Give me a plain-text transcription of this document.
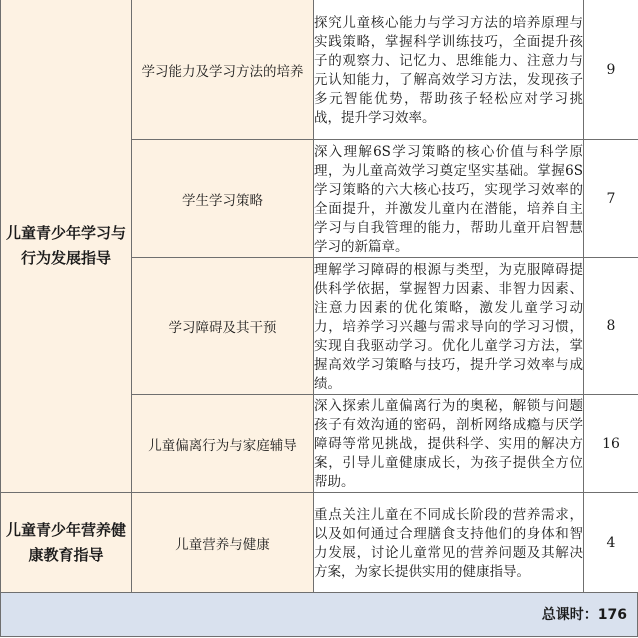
儿童青少年学习与行为发展指导	学习能力及学习方法的培养	探究儿童核心能力与学习方法的培养原理与实践策略，掌握科学训练技巧，全面提升孩子的观察力、记忆力、思维能力、注意力与元认知能力，了解高效学习方法，发现孩子多元智能优势，帮助孩子轻松应对学习挑战，提升学习效率。	9
	学生学习策略	深入理解6S学习策略的核心价值与科学原理，为儿童高效学习奠定坚实基础。掌握6S学习策略的六大核心技巧，实现学习效率的全面提升，并激发儿童内在潜能，培养自主学习与自我管理的能力，帮助儿童开启智慧学习的新篇章。	7
	学习障碍及其干预	理解学习障碍的根源与类型，为克服障碍提供科学依据，掌握智力因素、非智力因素、注意力因素的优化策略，激发儿童学习动力，培养学习兴趣与需求导向的学习习惯，实现自我驱动学习。优化儿童学习方法，掌握高效学习策略与技巧，提升学习效率与成绩。	8
	儿童偏离行为与家庭辅导	深入探索儿童偏离行为的奥秘，解锁与问题孩子有效沟通的密码，剖析网络成瘾与厌学障碍等常见挑战，提供科学、实用的解决方案，引导儿童健康成长，为孩子提供全方位帮助。	16
儿童青少年营养健康教育指导	儿童营养与健康	重点关注儿童在不同成长阶段的营养需求，以及如何通过合理膳食支持他们的身体和智力发展，讨论儿童常见的营养问题及其解决方案，为家长提供实用的健康指导。	4
总课时：176
